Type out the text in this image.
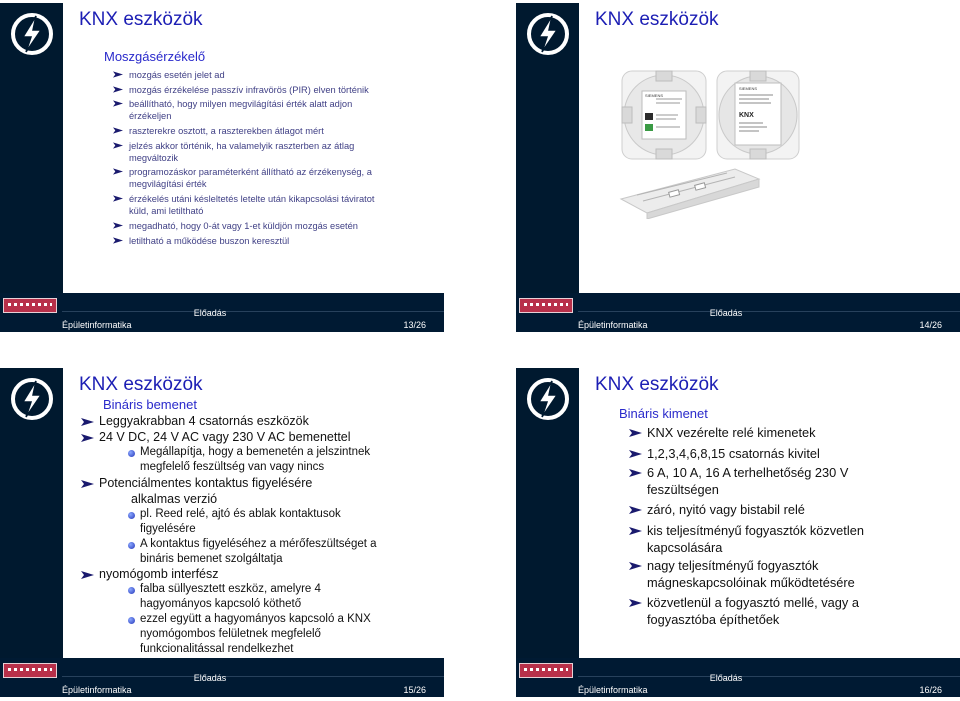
KNX eszközök
Moszgásérzékelő
mozgás esetén jelet ad
mozgás érzékelése passzív infravörös (PIR) elven történik
beállítható, hogy milyen megvilágítási érték alatt adjon
érzékeljen
raszterekre osztott, a raszterekben átlagot mért
jelzés akkor történik, ha valamelyik raszterben az átlag
megváltozik
programozáskor paraméterként állítható az érzékenység, a
megvilágítási érték
érzékelés utáni késleltetés letelte után kikapcsolási táviratot
küld, ami letiltható
megadható, hogy 0-át vagy 1-et küldjön mozgás esetén
letiltható a működése buszon keresztül
Előadás
Épületinformatika	13/26
KNX eszközök
SIEMENS
SIEMENS
KNX
Előadás
Épületinformatika	14/26
KNX eszközök
Bináris bemenet
Leggyakrabban 4 csatornás eszközök
24 V DC, 24 V AC vagy 230 V AC bemenettel
Megállapítja, hogy a bemenetén a jelszintnek
megfelelő feszültség van vagy nincs
Potenciálmentes kontaktus figyelésére
alkalmas verzió
pl. Reed relé, ajtó és ablak kontaktusok
figyelésére
A kontaktus figyeléséhez a mérőfeszültséget a
bináris bemenet szolgáltatja
nyomógomb interfész
falba süllyesztett eszköz, amelyre 4
hagyományos kapcsoló köthető
ezzel együtt a hagyományos kapcsoló a KNX
nyomógombos felületnek megfelelő
funkcionalitással rendelkezhet
Előadás
Épületinformatika	15/26
KNX eszközök
Bináris kimenet
KNX vezérelte relé kimenetek
1,2,3,4,6,8,15 csatornás kivitel
6 A, 10 A, 16 A terhelhetőség 230 V
feszültségen
záró, nyitó vagy bistabil relé
kis teljesítményű fogyasztók közvetlen
kapcsolására
nagy teljesítményű fogyasztók
mágneskapcsolóinak működtetésére
közvetlenül a fogyasztó mellé, vagy a
fogyasztóba építhetőek
Előadás
Épületinformatika	16/26
